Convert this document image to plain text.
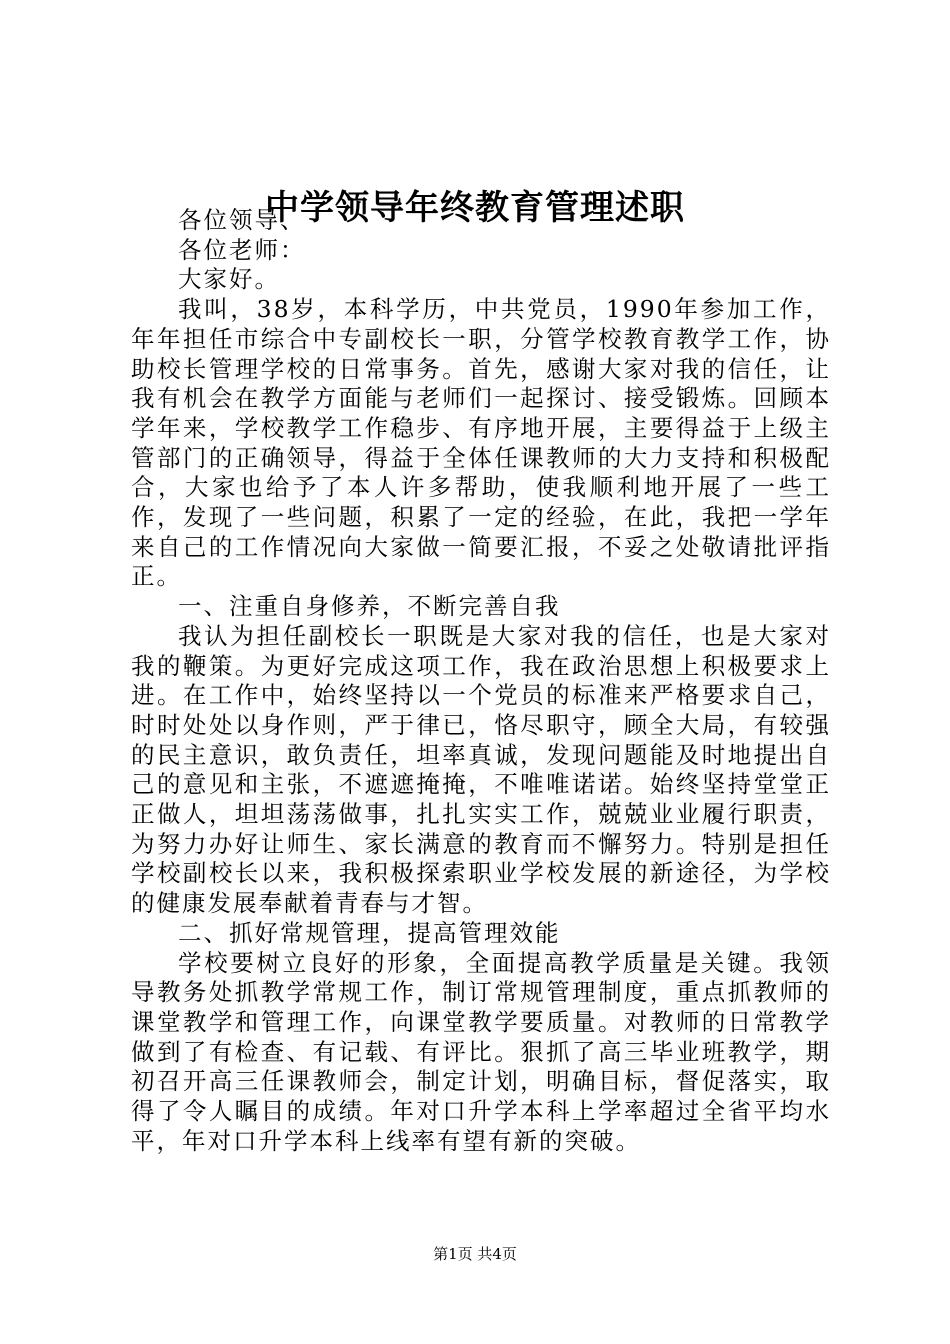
中学领导年终教育管理述职

各位领导、

各位老师：

大家好。

我叫，38岁，本科学历，中共党员，1990年参加工作，年年担任市综合中专副校长一职，分管学校教育教学工作，协助校长管理学校的日常事务。首先，感谢大家对我的信任，让我有机会在教学方面能与老师们一起探讨、接受锻炼。回顾本学年来，学校教学工作稳步、有序地开展，主要得益于上级主管部门的正确领导，得益于全体任课教师的大力支持和积极配合，大家也给予了本人许多帮助，使我顺利地开展了一些工作，发现了一些问题，积累了一定的经验，在此，我把一学年来自己的工作情况向大家做一简要汇报，不妥之处敬请批评指正。

一、注重自身修养，不断完善自我

我认为担任副校长一职既是大家对我的信任，也是大家对我的鞭策。为更好完成这项工作，我在政治思想上积极要求上进。在工作中，始终坚持以一个党员的标准来严格要求自己，时时处处以身作则，严于律已，恪尽职守，顾全大局，有较强的民主意识，敢负责任，坦率真诚，发现问题能及时地提出自己的意见和主张，不遮遮掩掩，不唯唯诺诺。始终坚持堂堂正正做人，坦坦荡荡做事，扎扎实实工作，兢兢业业履行职责，为努力办好让师生、家长满意的教育而不懈努力。特别是担任学校副校长以来，我积极探索职业学校发展的新途径，为学校的健康发展奉献着青春与才智。

二、抓好常规管理，提高管理效能

学校要树立良好的形象，全面提高教学质量是关键。我领导教务处抓教学常规工作，制订常规管理制度，重点抓教师的课堂教学和管理工作，向课堂教学要质量。对教师的日常教学做到了有检查、有记载、有评比。狠抓了高三毕业班教学，期初召开高三任课教师会，制定计划，明确目标，督促落实，取得了令人瞩目的成绩。年对口升学本科上学率超过全省平均水平，年对口升学本科上线率有望有新的突破。

第1页 共4页
